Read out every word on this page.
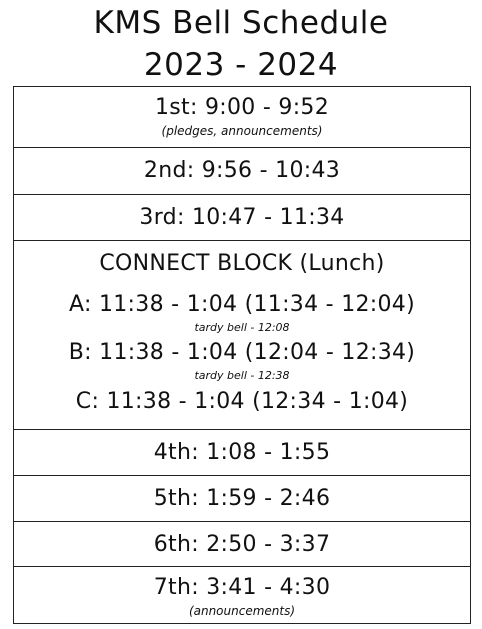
KMS Bell Schedule
2023 - 2024
1st: 9:00 - 9:52
(pledges, announcements)
2nd: 9:56 - 10:43
3rd: 10:47 - 11:34
CONNECT BLOCK (Lunch)
A: 11:38 - 1:04 (11:34 - 12:04)
tardy bell - 12:08
B: 11:38 - 1:04 (12:04 - 12:34)
tardy bell - 12:38
C: 11:38 - 1:04 (12:34 - 1:04)
4th: 1:08 - 1:55
5th: 1:59 - 2:46
6th: 2:50 - 3:37
7th: 3:41 - 4:30
(announcements)
